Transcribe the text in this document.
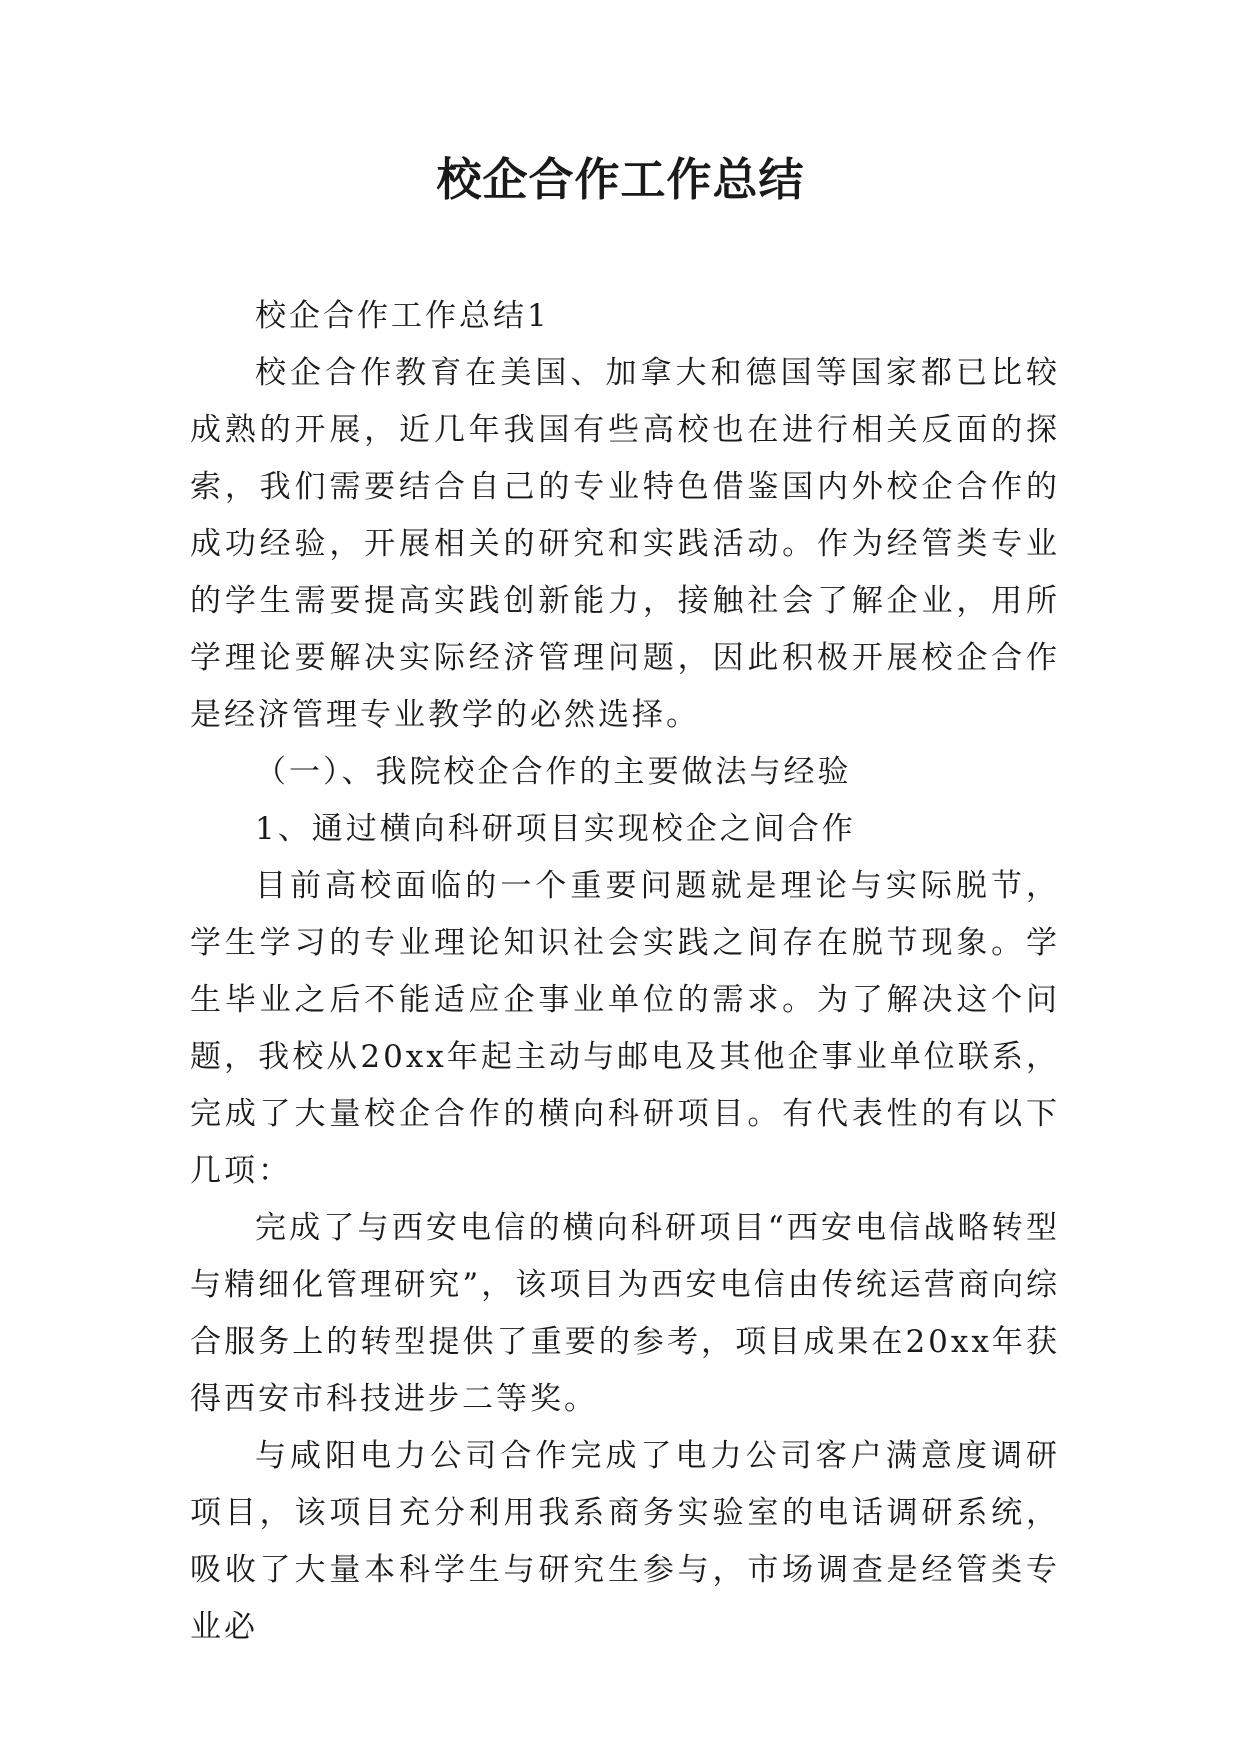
校企合作工作总结

校企合作工作总结1

校企合作教育在美国、加拿大和德国等国家都已比较成熟的开展，近几年我国有些高校也在进行相关反面的探索，我们需要结合自己的专业特色借鉴国内外校企合作的成功经验，开展相关的研究和实践活动。作为经管类专业的学生需要提高实践创新能力，接触社会了解企业，用所学理论要解决实际经济管理问题，因此积极开展校企合作是经济管理专业教学的必然选择。

（一）、我院校企合作的主要做法与经验

1、通过横向科研项目实现校企之间合作

目前高校面临的一个重要问题就是理论与实际脱节，学生学习的专业理论知识社会实践之间存在脱节现象。学生毕业之后不能适应企事业单位的需求。为了解决这个问题，我校从20xx年起主动与邮电及其他企事业单位联系，完成了大量校企合作的横向科研项目。有代表性的有以下几项：

完成了与西安电信的横向科研项目“西安电信战略转型与精细化管理研究”，该项目为西安电信由传统运营商向综合服务上的转型提供了重要的参考，项目成果在20xx年获得西安市科技进步二等奖。

与咸阳电力公司合作完成了电力公司客户满意度调研项目，该项目充分利用我系商务实验室的电话调研系统，吸收了大量本科学生与研究生参与，市场调查是经管类专业必
